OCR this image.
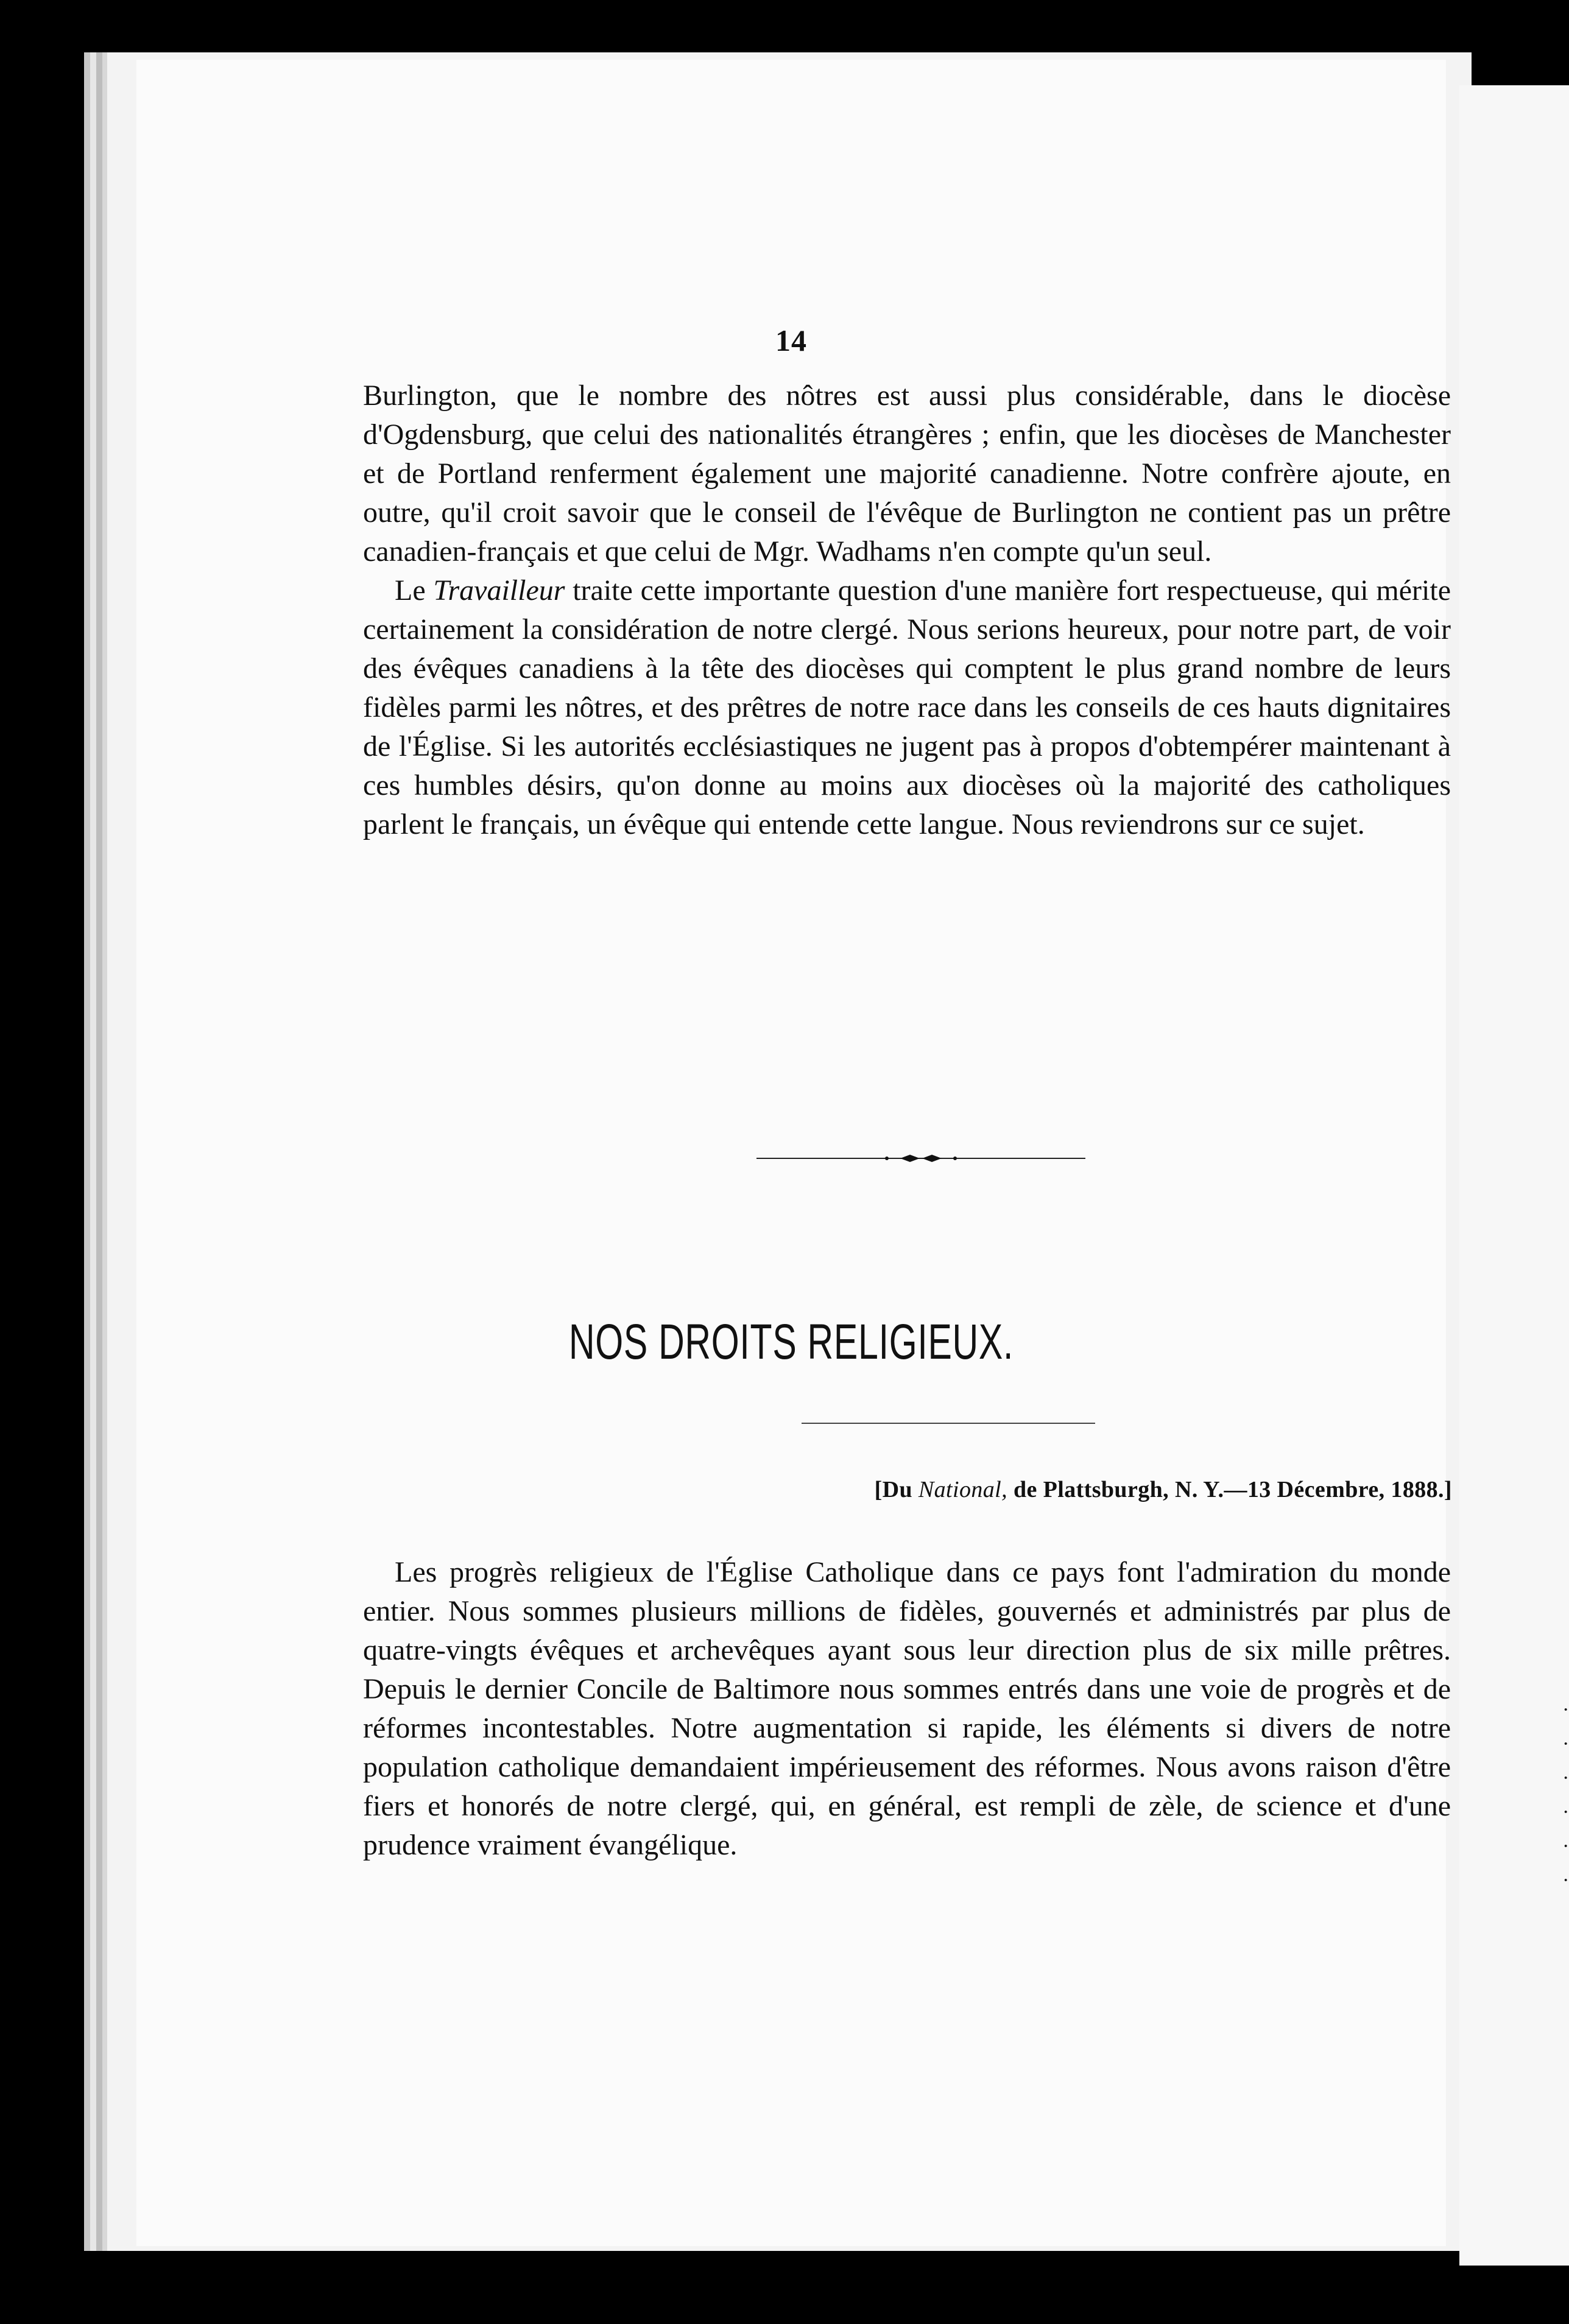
·
·
·
·
·
·
14

Burlington, que le nombre des nôtres est aussi plus considérable, dans le diocèse d'Ogdensburg, que celui des nationalités étrangères ; enfin, que les diocèses de Manchester et de Portland renferment également une majorité canadienne. Notre confrère ajoute, en outre, qu'il croit savoir que le conseil de l'évêque de Burlington ne contient pas un prêtre canadien-français et que celui de Mgr. Wadhams n'en compte qu'un seul.

Le Travailleur traite cette importante question d'une manière fort respectueuse, qui mérite certainement la considération de notre clergé. Nous serions heureux, pour notre part, de voir des évêques canadiens à la tête des diocèses qui comptent le plus grand nombre de leurs fidèles parmi les nôtres, et des prêtres de notre race dans les conseils de ces hauts dignitaires de l'Église. Si les autorités ecclésiastiques ne jugent pas à propos d'obtempérer maintenant à ces humbles désirs, qu'on donne au moins aux diocèses où la majorité des catholiques parlent le français, un évêque qui entende cette langue. Nous reviendrons sur ce sujet.

NOS DROITS RELIGIEUX.
[Du National, de Plattsburgh, N. Y.—13 Décembre, 1888.]

Les progrès religieux de l'Église Catholique dans ce pays font l'admiration du monde entier. Nous sommes plusieurs millions de fidèles, gouvernés et administrés par plus de quatre-vingts évêques et archevêques ayant sous leur direction plus de six mille prêtres. Depuis le dernier Concile de Baltimore nous sommes entrés dans une voie de progrès et de réformes incontestables. Notre augmentation si rapide, les éléments si divers de notre population catholique demandaient impérieusement des réformes. Nous avons raison d'être fiers et honorés de notre clergé, qui, en général, est rempli de zèle, de science et d'une prudence vraiment évangélique.
